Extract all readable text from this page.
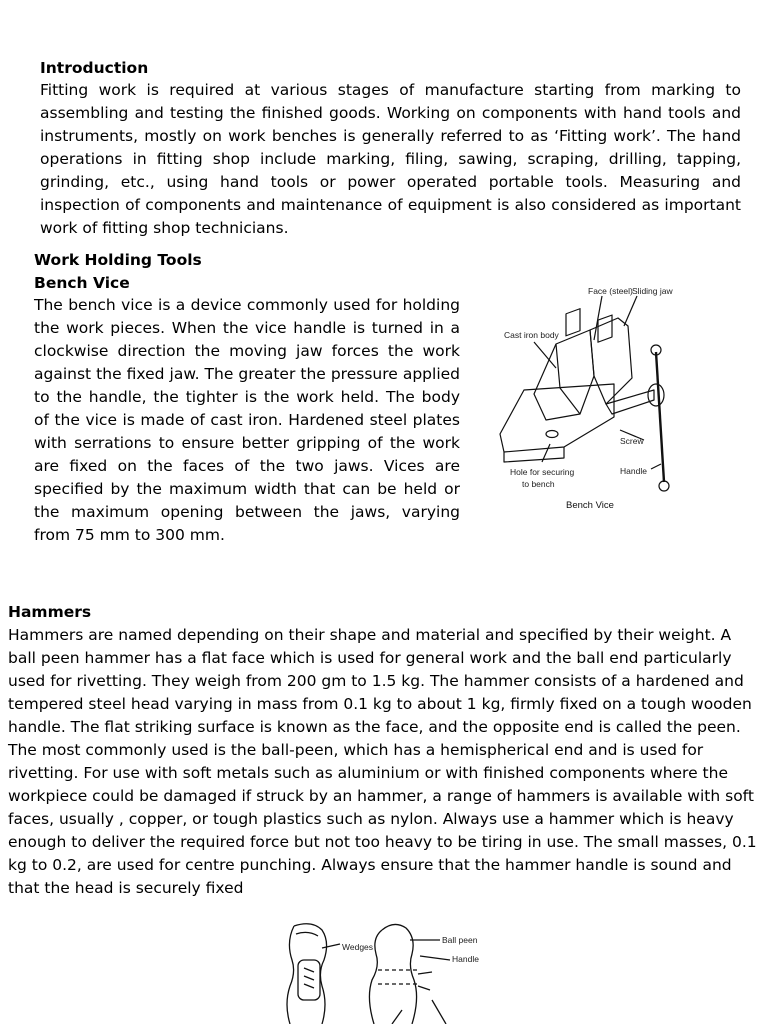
Introduction
Fitting work is required at various stages of manufacture starting from marking to assembling and testing the finished goods. Working on components with hand tools and instruments, mostly on work benches is generally referred to as ‘Fitting work’. The hand operations in fitting shop include marking, filing, sawing, scraping, drilling, tapping, grinding, etc., using hand tools or power operated portable tools. Measuring and inspection of components and maintenance of equipment is also considered as important work of fitting shop technicians.
Work Holding Tools
Bench Vice
The bench vice is a device commonly used for holding the work pieces. When the vice handle is turned in a clockwise direction the moving jaw forces the work against the fixed jaw. The greater the pressure applied to the handle, the tighter is the work held. The body of the vice is made of cast iron. Hardened steel plates with serrations to ensure better gripping of the work are fixed on the faces of the two jaws. Vices are specified by the maximum width that can be held or the maximum opening between the jaws, varying from 75 mm to 300 mm.
Face (steel) Sliding jaw
Cast iron body
Screw
Handle
Hole for securing
to bench
Bench Vice
Hammers
Hammers are named depending on their shape and material and specified by their weight. A ball peen hammer has a flat face which is used for general work and the ball end particularly used for rivetting. They weigh from 200 gm to 1.5 kg. The hammer consists of a hardened and tempered steel head varying in mass from 0.1 kg to about 1 kg, firmly fixed on a tough wooden handle. The flat striking surface is known as the face, and the opposite end is called the peen. The most commonly used is the ball-peen, which has a hemispherical end and is used for rivetting. For use with soft metals such as aluminium or with finished components where the workpiece could be damaged if struck by an hammer, a range of hammers is available with soft faces, usually , copper, or tough plastics such as nylon. Always use a hammer which is heavy enough to deliver the required force but not too heavy to be tiring in use. The small masses, 0.1 kg to 0.2, are used for centre punching. Always ensure that the hammer handle is sound and that the head is securely fixed
Wedges
Ball peen
Handle
